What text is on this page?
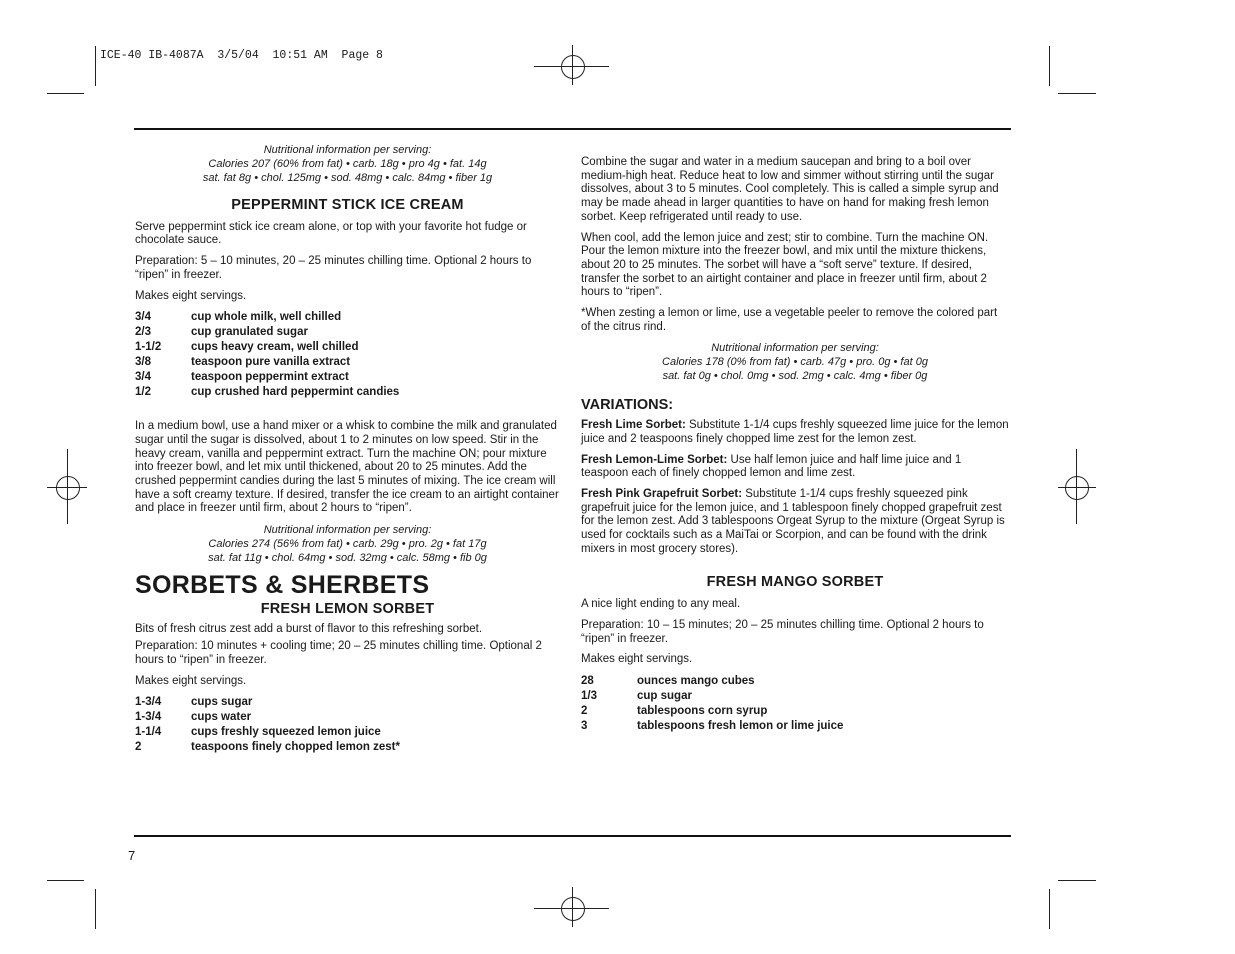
ICE-40 IB-4087A  3/5/04  10:51 AM  Page 8
Nutritional information per serving:
Calories 207 (60% from fat) • carb. 18g • pro 4g • fat. 14g
sat. fat 8g • chol. 125mg • sod. 48mg • calc. 84mg • fiber 1g
PEPPERMINT STICK ICE CREAM

Serve peppermint stick ice cream alone, or top with your favorite hot fudge or chocolate sauce.

Preparation: 5 – 10 minutes, 20 – 25 minutes chilling time. Optional 2 hours to “ripen” in freezer.

Makes eight servings.

3/4	cup whole milk, well chilled
2/3	cup granulated sugar
1-1/2	cups heavy cream, well chilled
3/8	teaspoon pure vanilla extract
3/4	teaspoon peppermint extract
1/2	cup crushed hard peppermint candies

In a medium bowl, use a hand mixer or a whisk to combine the milk and granulated sugar until the sugar is dissolved, about 1 to 2 minutes on low speed. Stir in the heavy cream, vanilla and peppermint extract. Turn the machine ON; pour mixture into freezer bowl, and let mix until thickened, about 20 to 25 minutes. Add the crushed peppermint candies during the last 5 minutes of mixing. The ice cream will have a soft creamy texture. If desired, transfer the ice cream to an airtight container and place in freezer until firm, about 2 hours to “ripen”.

Nutritional information per serving:
Calories 274 (56% from fat) • carb. 29g • pro. 2g • fat 17g
sat. fat 11g • chol. 64mg • sod. 32mg • calc. 58mg • fib 0g
SORBETS & SHERBETS
FRESH LEMON SORBET

Bits of fresh citrus zest add a burst of flavor to this refreshing sorbet.

Preparation: 10 minutes + cooling time; 20 – 25 minutes chilling time. Optional 2 hours to “ripen” in freezer.

Makes eight servings.

1-3/4	cups sugar
1-3/4	cups water
1-1/4	cups freshly squeezed lemon juice
2	teaspoons finely chopped lemon zest*

Combine the sugar and water in a medium saucepan and bring to a boil over medium-high heat. Reduce heat to low and simmer without stirring until the sugar dissolves, about 3 to 5 minutes. Cool completely. This is called a simple syrup and may be made ahead in larger quantities to have on hand for making fresh lemon sorbet. Keep refrigerated until ready to use.

When cool, add the lemon juice and zest; stir to combine. Turn the machine ON. Pour the lemon mixture into the freezer bowl, and mix until the mixture thickens, about 20 to 25 minutes. The sorbet will have a “soft serve” texture. If desired, transfer the sorbet to an airtight container and place in freezer until firm, about 2 hours to “ripen”.

*When zesting a lemon or lime, use a vegetable peeler to remove the colored part of the citrus rind.

Nutritional information per serving:
Calories 178 (0% from fat) • carb. 47g • pro. 0g • fat 0g
sat. fat 0g • chol. 0mg • sod. 2mg • calc. 4mg • fiber 0g
VARIATIONS:

Fresh Lime Sorbet: Substitute 1-1/4 cups freshly squeezed lime juice for the lemon juice and 2 teaspoons finely chopped lime zest for the lemon zest.

Fresh Lemon-Lime Sorbet: Use half lemon juice and half lime juice and 1 teaspoon each of finely chopped lemon and lime zest.

Fresh Pink Grapefruit Sorbet: Substitute 1-1/4 cups freshly squeezed pink grapefruit juice for the lemon juice, and 1 tablespoon finely chopped grapefruit zest for the lemon zest. Add 3 tablespoons Orgeat Syrup to the mixture (Orgeat Syrup is used for cocktails such as a MaiTai or Scorpion, and can be found with the drink mixers in most grocery stores).

FRESH MANGO SORBET

A nice light ending to any meal.

Preparation: 10 – 15 minutes; 20 – 25 minutes chilling time. Optional 2 hours to “ripen” in freezer.

Makes eight servings.

28	ounces mango cubes
1/3	cup sugar
2	tablespoons corn syrup
3	tablespoons fresh lemon or lime juice
7
